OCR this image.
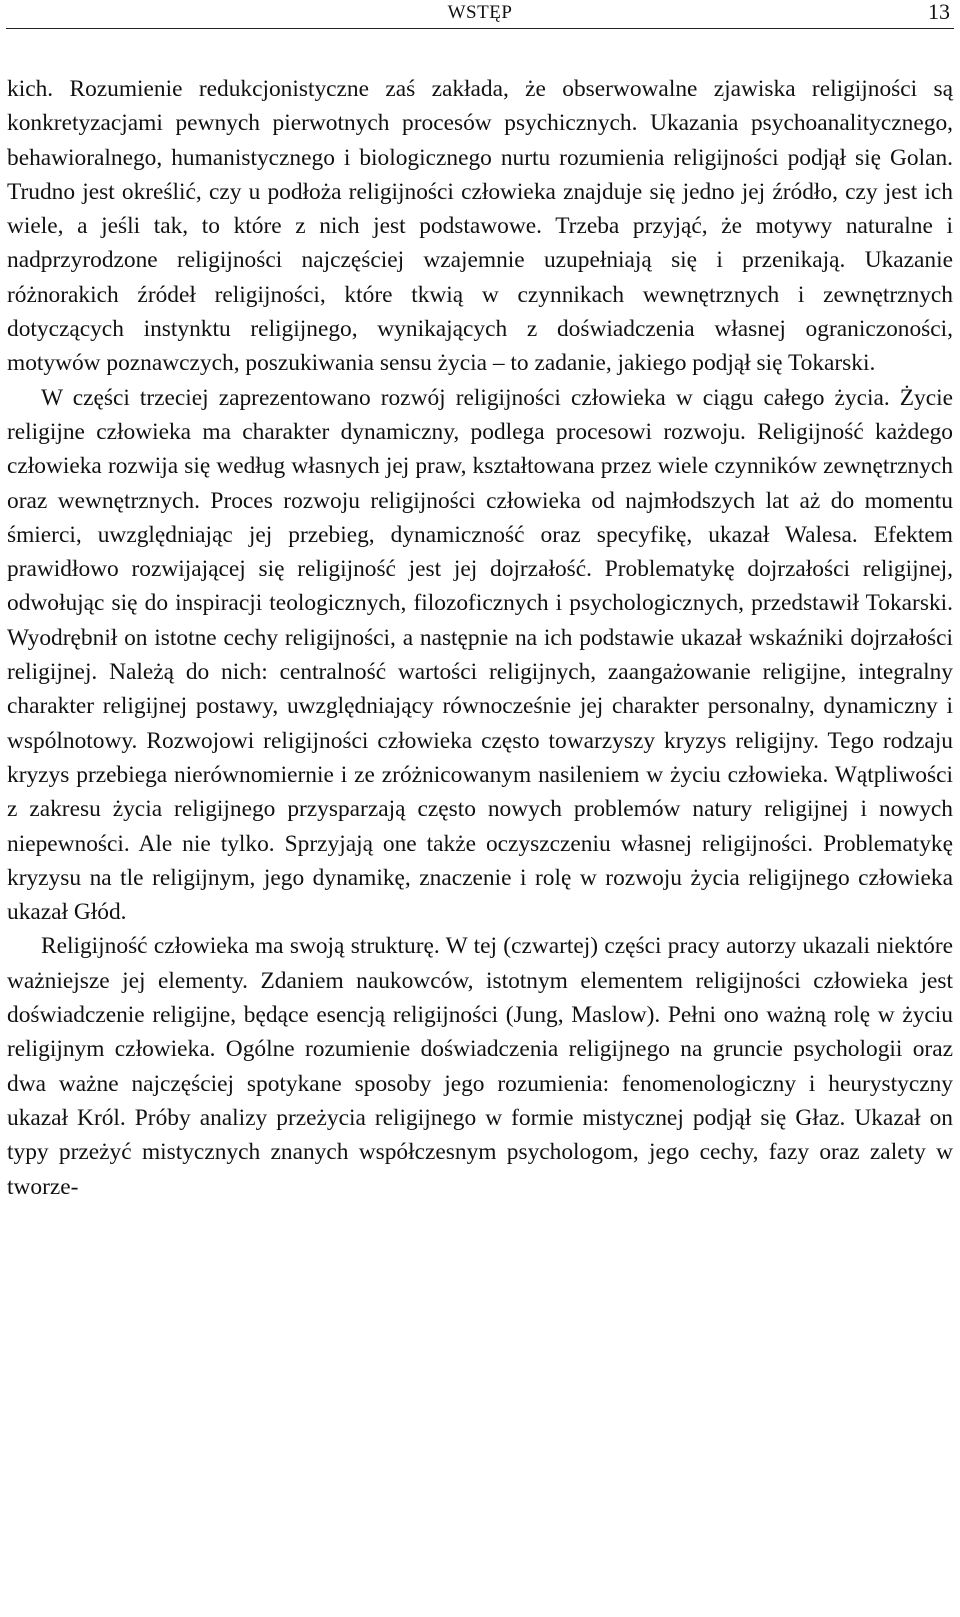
WSTĘP	13

kich. Rozumienie redukcjonistyczne zaś zakłada, że obserwowalne zjawiska religijności są konkretyzacjami pewnych pierwotnych procesów psychicznych. Ukazania psychoanalitycznego, behawioralnego, humanistycznego i biologicznego nurtu rozumienia religijności podjął się Golan. Trudno jest określić, czy u podłoża religijności człowieka znajduje się jedno jej źródło, czy jest ich wiele, a jeśli tak, to które z nich jest podstawowe. Trzeba przyjąć, że motywy naturalne i nadprzyrodzone religijności najczęściej wzajemnie uzupełniają się i przenikają. Ukazanie różnorakich źródeł religijności, które tkwią w czynnikach wewnętrznych i zewnętrznych dotyczących instynktu religijnego, wynikających z doświadczenia własnej ograniczoności, motywów poznawczych, poszukiwania sensu życia – to zadanie, jakiego podjął się Tokarski.

W części trzeciej zaprezentowano rozwój religijności człowieka w ciągu całego życia. Życie religijne człowieka ma charakter dynamiczny, podlega procesowi rozwoju. Religijność każdego człowieka rozwija się według własnych jej praw, kształtowana przez wiele czynników zewnętrznych oraz wewnętrznych. Proces rozwoju religijności człowieka od najmłodszych lat aż do momentu śmierci, uwzględniając jej przebieg, dynamiczność oraz specyfikę, ukazał Walesa. Efektem prawidłowo rozwijającej się religijność jest jej dojrzałość. Problematykę dojrzałości religijnej, odwołując się do inspiracji teologicznych, filozoficznych i psychologicznych, przedstawił Tokarski. Wyodrębnił on istotne cechy religijności, a następnie na ich podstawie ukazał wskaźniki dojrzałości religijnej. Należą do nich: centralność wartości religijnych, zaangażowanie religijne, integralny charakter religijnej postawy, uwzględniający równocześnie jej charakter personalny, dynamiczny i wspólnotowy. Rozwojowi religijności człowieka często towarzyszy kryzys religijny. Tego rodzaju kryzys przebiega nierównomiernie i ze zróżnicowanym nasileniem w życiu człowieka. Wątpliwości z zakresu życia religijnego przysparzają często nowych problemów natury religijnej i nowych niepewności. Ale nie tylko. Sprzyjają one także oczyszczeniu własnej religijności. Problematykę kryzysu na tle religijnym, jego dynamikę, znaczenie i rolę w rozwoju życia religijnego człowieka ukazał Głód.

Religijność człowieka ma swoją strukturę. W tej (czwartej) części pracy autorzy ukazali niektóre ważniejsze jej elementy. Zdaniem naukowców, istotnym elementem religijności człowieka jest doświadczenie religijne, będące esencją religijności (Jung, Maslow). Pełni ono ważną rolę w życiu religijnym człowieka. Ogólne rozumienie doświadczenia religijnego na gruncie psychologii oraz dwa ważne najczęściej spotykane sposoby jego rozumienia: fenomenologiczny i heurystyczny ukazał Król. Próby analizy przeżycia religijnego w formie mistycznej podjął się Głaz. Ukazał on typy przeżyć mistycznych znanych współczesnym psychologom, jego cechy, fazy oraz zalety w tworze-
